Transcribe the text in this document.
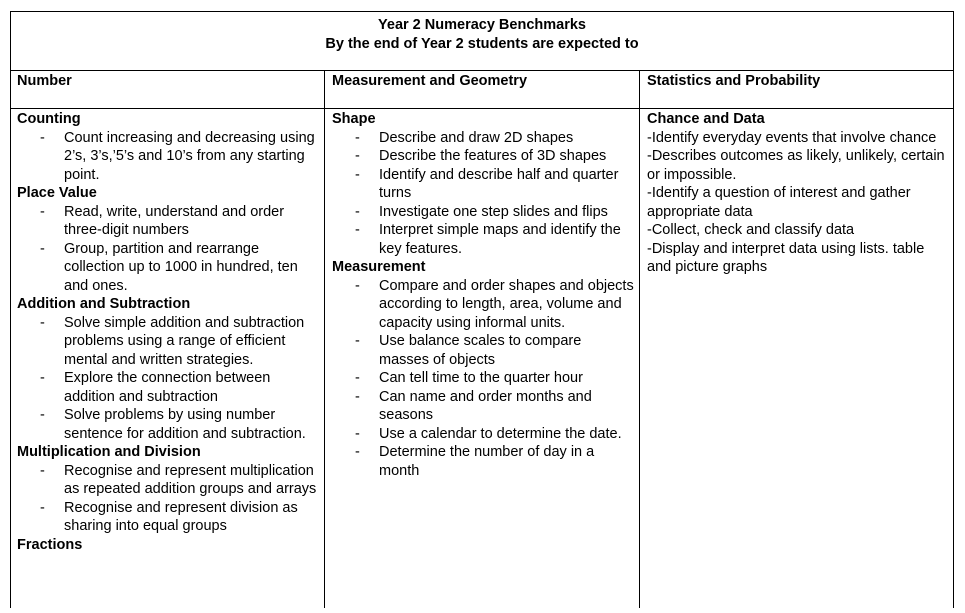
Year 2 Numeracy Benchmarks
By the end of Year 2 students are expected to
Number	Measurement and Geometry	Statistics and Probability
Counting
- Count increasing and decreasing using 2’s, 3’s,’5’s and 10’s from any starting point.
Place Value
- Read, write, understand and order three-digit numbers
- Group, partition and rearrange collection up to 1000 in hundred, ten and ones.
Addition and Subtraction
- Solve simple addition and subtraction problems using a range of efficient mental and written strategies.
- Explore the connection between addition and subtraction
- Solve problems by using number sentence for addition and subtraction.
Multiplication and Division
- Recognise and represent multiplication as repeated addition groups and arrays
- Recognise and represent division as sharing into equal groups
Fractions
Shape
- Describe and draw 2D shapes
- Describe the features of 3D shapes
- Identify and describe half and quarter turns
- Investigate one step slides and flips
- Interpret simple maps and identify the key features.
Measurement
- Compare and order shapes and objects according to length, area, volume and capacity using informal units.
- Use balance scales to compare masses of objects
- Can tell time to the quarter hour
- Can name and order months and seasons
- Use a calendar to determine the date.
- Determine the number of day in a month
Chance and Data
-Identify everyday events that involve chance
-Describes outcomes as likely, unlikely, certain or impossible.
-Identify a question of interest and gather appropriate data
-Collect, check and classify data
-Display and interpret data using lists. table and picture graphs
